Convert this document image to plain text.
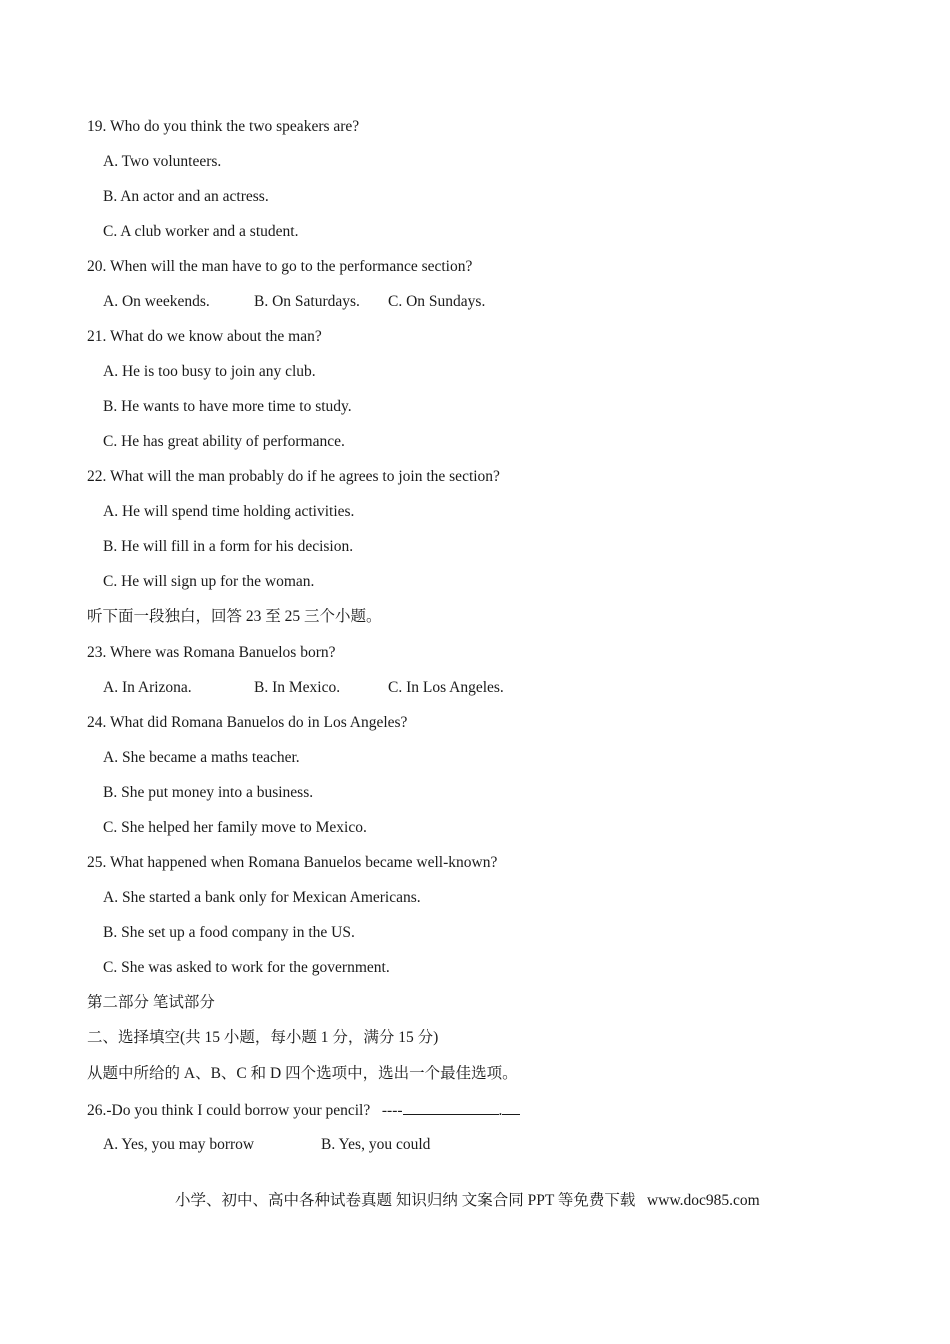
19. Who do you think the two speakers are?
A. Two volunteers.
B. An actor and an actress.
C. A club worker and a student.
20. When will the man have to go to the performance section?
A. On weekends.	B. On Saturdays. C. On Sundays.
21. What do we know about the man?
A. He is too busy to join any club.
B. He wants to have more time to study.
C. He has great ability of performance.
22. What will the man probably do if he agrees to join the section?
A. He will spend time holding activities.
B. He will fill in a form for his decision.
C. He will sign up for the woman.
听下面一段独白，回答 23 至 25 三个小题。
23. Where was Romana Banuelos born?
A. In Arizona.	B. In Mexico.	C. In Los Angeles.
24. What did Romana Banuelos do in Los Angeles?
A. She became a maths teacher.
B. She put money into a business.
C. She helped her family move to Mexico.
25. What happened when Romana Banuelos became well-known?
A. She started a bank only for Mexican Americans.
B. She set up a food company in the US.
C. She was asked to work for the government.
第二部分 笔试部分
二、选择填空(共 15 小题，每小题 1 分，满分 15 分)
从题中所给的 A、B、C 和 D 四个选项中，选出一个最佳选项。
26.-Do you think I could borrow your pencil?   ----	.
A. Yes, you may borrow	B. Yes, you could
小学、初中、高中各种试卷真题 知识归纳 文案合同 PPT 等免费下载   www.doc985.com
